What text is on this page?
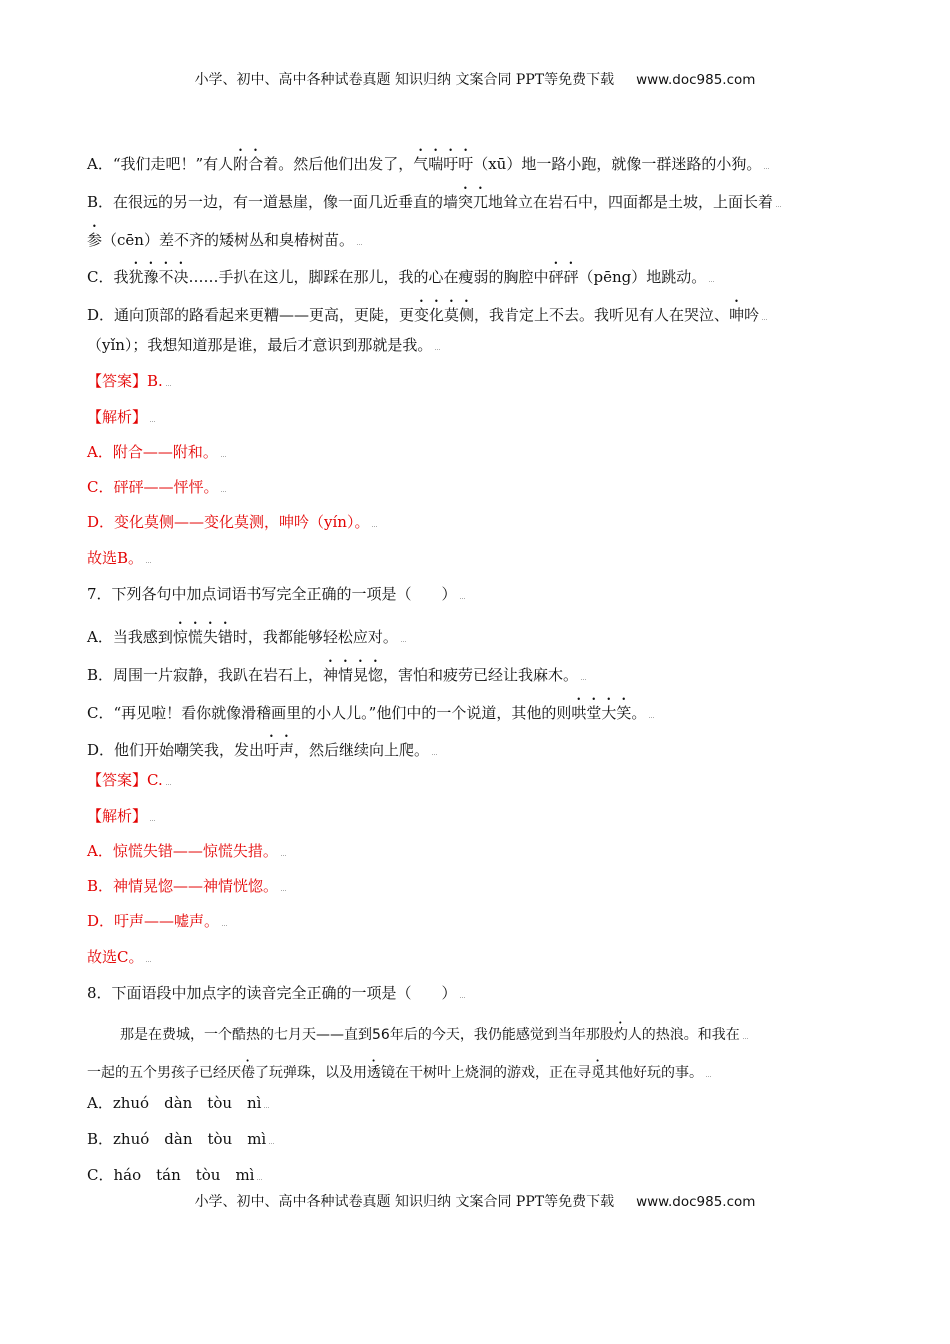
小学、初中、高中各种试卷真题 知识归纳 文案合同 PPT等免费下载 www.doc985.com
A．“我们走吧！”有人附合着。然后他们出发了，气喘吁吁（xū）地一路小跑，就像一群迷路的小狗。
B．在很远的另一边，有一道悬崖，像一面几近垂直的墙突兀地耸立在岩石中，四面都是土坡，上面长着
参（cēn）差不齐的矮树丛和臭椿树苗。
C．我犹豫不决……手扒在这儿，脚踩在那儿，我的心在瘦弱的胸腔中砰砰（pēng）地跳动。
D．通向顶部的路看起来更糟——更高，更陡，更变化莫侧，我肯定上不去。我听见有人在哭泣、呻吟
（yǐn）；我想知道那是谁，最后才意识到那就是我。
【答案】B.
【解析】
A．附合——附和。
C．砰砰——怦怦。
D．变化莫侧——变化莫测，呻吟（yín）。
故选B。
7．下列各句中加点词语书写完全正确的一项是（　　）
A．当我感到惊慌失错时，我都能够轻松应对。
B．周围一片寂静，我趴在岩石上，神情晃惚，害怕和疲劳已经让我麻木。
C．“再见啦！看你就像滑稽画里的小人儿。”他们中的一个说道，其他的则哄堂大笑。
D．他们开始嘲笑我，发出吁声，然后继续向上爬。
【答案】C.
【解析】
A．惊慌失错——惊慌失措。
B．神情晃惚——神情恍惚。
D．吁声——嘘声。
故选C。
8．下面语段中加点字的读音完全正确的一项是（　　）
那是在费城，一个酷热的七月天——直到56年后的今天，我仍能感觉到当年那股灼人的热浪。和我在
一起的五个男孩子已经厌倦了玩弹珠，以及用透镜在干树叶上烧洞的游戏，正在寻觅其他好玩的事。
A．zhuó　dàn　tòu　nì
B．zhuó　dàn　tòu　mì
C．háo　tán　tòu　mì
小学、初中、高中各种试卷真题 知识归纳 文案合同 PPT等免费下载 www.doc985.com
